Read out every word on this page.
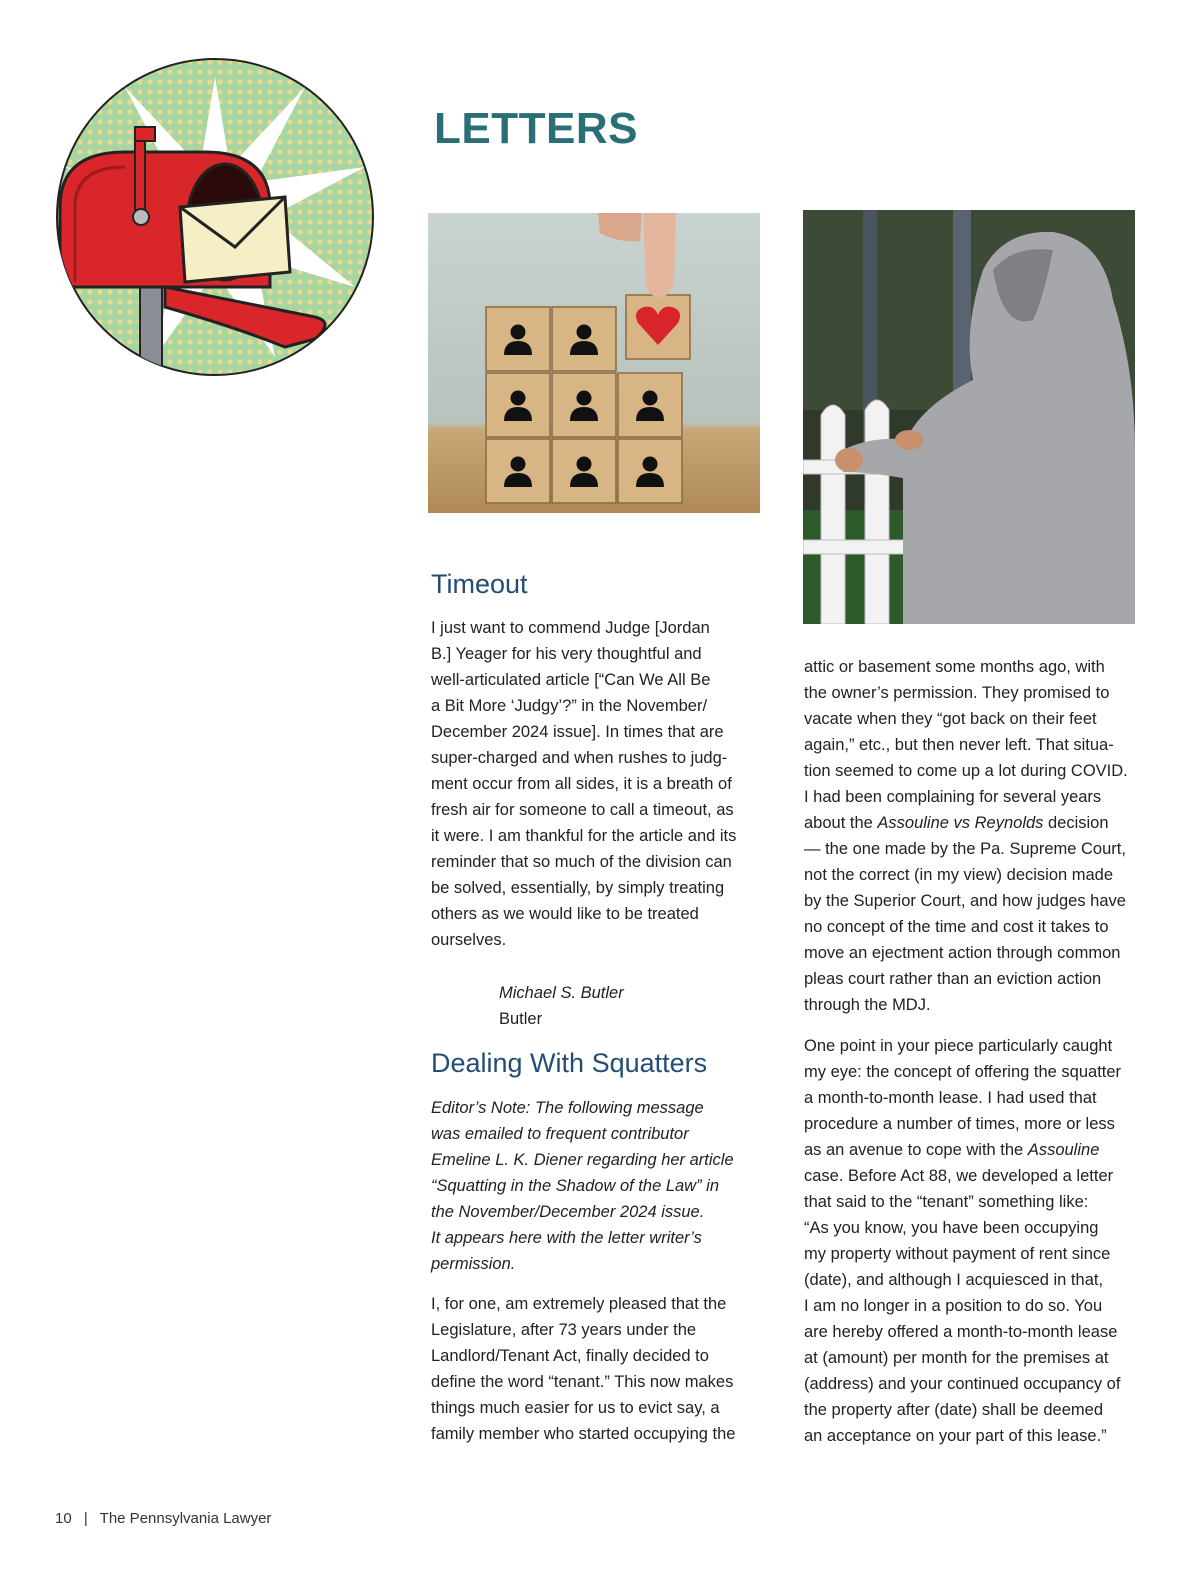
LETTERS
Timeout

I just want to commend Judge [Jordan

B.] Yeager for his very thoughtful and

well-articulated article [“Can We All Be

a Bit More ‘Judgy’?” in the November/

December 2024 issue]. In times that are

super-charged and when rushes to judg-

ment occur from all sides, it is a breath of

fresh air for someone to call a timeout, as

it were. I am thankful for the article and its

reminder that so much of the division can

be solved, essentially, by simply treating

others as we would like to be treated

ourselves.

Michael S. Butler
Butler
Dealing With Squatters

Editor’s Note: The following message

was emailed to frequent contributor

Emeline L. K. Diener regarding her article

“Squatting in the Shadow of the Law” in

the November/December 2024 issue.

It appears here with the letter writer’s

permission.

I, for one, am extremely pleased that the

Legislature, after 73 years under the

Landlord/Tenant Act, finally decided to

define the word “tenant.” This now makes

things much easier for us to evict say, a

family member who started occupying the

attic or basement some months ago, with

the owner’s permission. They promised to

vacate when they “got back on their feet

again,” etc., but then never left. That situa-

tion seemed to come up a lot during COVID.

I had been complaining for several years

about the Assouline vs Reynolds decision

— the one made by the Pa. Supreme Court,

not the correct (in my view) decision made

by the Superior Court, and how judges have

no concept of the time and cost it takes to

move an ejectment action through common

pleas court rather than an eviction action

through the MDJ.

One point in your piece particularly caught

my eye: the concept of offering the squatter

a month-to-month lease. I had used that

procedure a number of times, more or less

as an avenue to cope with the Assouline

case. Before Act 88, we developed a letter

that said to the “tenant” something like:

“As you know, you have been occupying

my property without payment of rent since

(date), and although I acquiesced in that,

I am no longer in a position to do so. You

are hereby offered a month-to-month lease

at (amount) per month for the premises at

(address) and your continued occupancy of

the property after (date) shall be deemed

an acceptance on your part of this lease.”

10 | The Pennsylvania Lawyer
